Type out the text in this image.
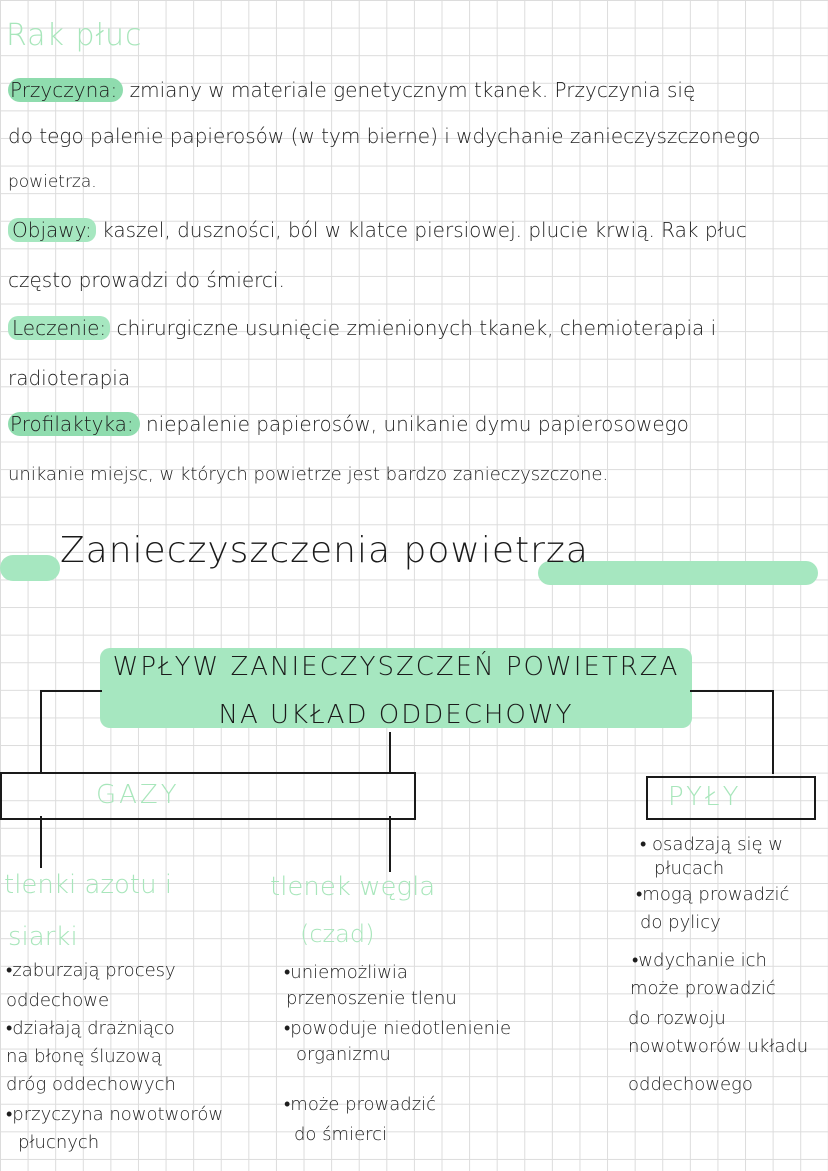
Rak płuc
Przyczyna: zmiany w materiale genetycznym tkanek. Przyczynia się
do tego palenie papierosów (w tym bierne) i wdychanie zanieczyszczonego
powietrza.
Objawy: kaszel, duszności, ból w klatce piersiowej. plucie krwią. Rak płuc
często prowadzi do śmierci.
Leczenie: chirurgiczne usunięcie zmienionych tkanek, chemioterapia i
radioterapia
Profilaktyka: niepalenie papierosów, unikanie dymu papierosowego
unikanie miejsc, w których powietrze jest bardzo zanieczyszczone.
Zanieczyszczenia powietrza
WPŁYW ZANIECZYSZCZEŃ POWIETRZA
NA UKŁAD ODDECHOWY
GAZY	PYŁY
tlenki azotu i
siarki
•zaburzają procesy
oddechowe
•działają drażniąco
na błonę śluzową
dróg oddechowych
•przyczyna nowotworów
płucnych
tlenek węgla
(czad)
•uniemożliwia
przenoszenie tlenu
•powoduje niedotlenienie
organizmu
•może prowadzić
do śmierci
• osadzają się w
płucach
•mogą prowadzić
do pylicy
•wdychanie ich
może prowadzić
do rozwoju
nowotworów układu
oddechowego
